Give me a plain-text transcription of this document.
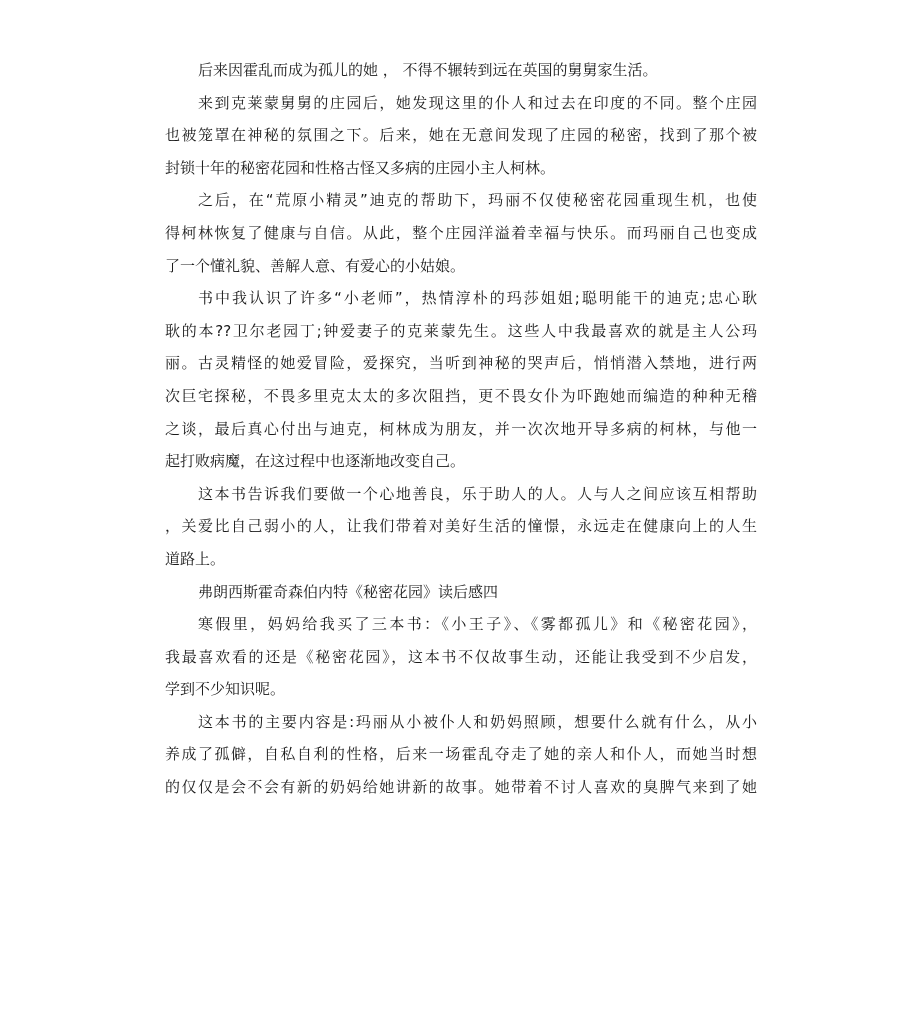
后来因霍乱而成为孤儿的她 ， 不得不辗转到远在英国的舅舅家生活。
来到克莱蒙舅舅的庄园后，她发现这里的仆人和过去在印度的不同。整个庄园
也被笼罩在神秘的氛围之下。后来，她在无意间发现了庄园的秘密，找到了那个被
封锁十年的秘密花园和性格古怪又多病的庄园小主人柯林。
之后，在“荒原小精灵”迪克的帮助下，玛丽不仅使秘密花园重现生机，也使
得柯林恢复了健康与自信。从此，整个庄园洋溢着幸福与快乐。而玛丽自己也变成
了一个懂礼貌、善解人意、有爱心的小姑娘。
书中我认识了许多“小老师”，热情淳朴的玛莎姐姐;聪明能干的迪克;忠心耿
耿的本??卫尔老园丁;钟爱妻子的克莱蒙先生。这些人中我最喜欢的就是主人公玛
丽。古灵精怪的她爱冒险，爱探究，当听到神秘的哭声后，悄悄潜入禁地，进行两
次巨宅探秘，不畏多里克太太的多次阻挡，更不畏女仆为吓跑她而编造的种种无稽
之谈，最后真心付出与迪克，柯林成为朋友，并一次次地开导多病的柯林，与他一
起打败病魔，在这过程中也逐渐地改变自己。
这本书告诉我们要做一个心地善良，乐于助人的人。人与人之间应该互相帮助
，关爱比自己弱小的人，让我们带着对美好生活的憧憬，永远走在健康向上的人生
道路上。
弗朗西斯霍奇森伯内特《秘密花园》读后感四
寒假里，妈妈给我买了三本书：《小王子》、《雾都孤儿》和《秘密花园》，
我最喜欢看的还是《秘密花园》，这本书不仅故事生动，还能让我受到不少启发，
学到不少知识呢。
这本书的主要内容是:玛丽从小被仆人和奶妈照顾，想要什么就有什么，从小
养成了孤僻，自私自利的性格，后来一场霍乱夺走了她的亲人和仆人，而她当时想
的仅仅是会不会有新的奶妈给她讲新的故事。她带着不讨人喜欢的臭脾气来到了她
